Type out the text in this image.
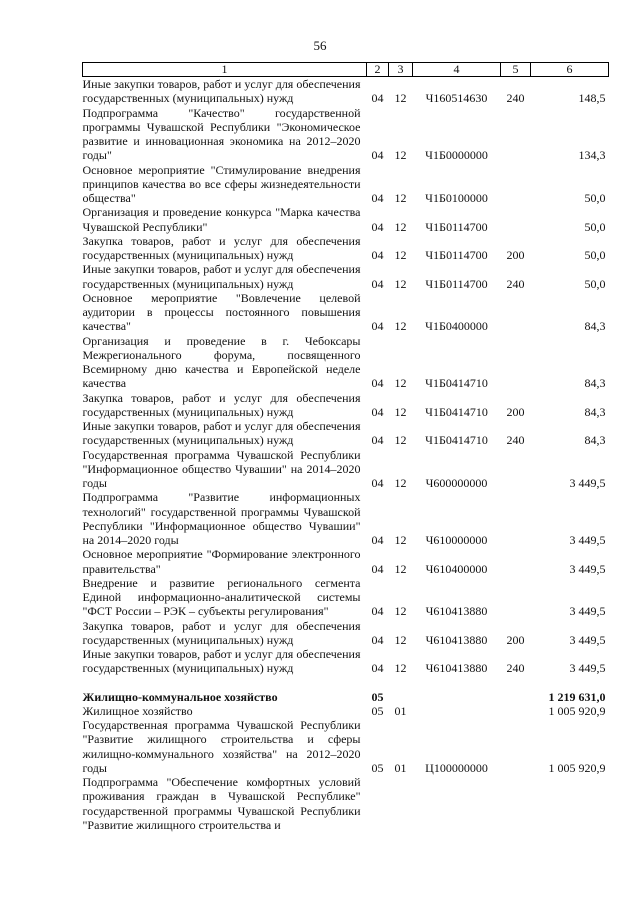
56
1	2	3	4	5	6
Иные закупки товаров, работ и услуг для обеспечения государственных (муниципальных) нужд	04	12	Ч160514630	240	148,5
Подпрограмма "Качество" государственной программы Чувашской Республики "Экономическое развитие и инновационная экономика на 2012–2020 годы"	04	12	Ч1Б0000000		134,3
Основное мероприятие "Стимулирование внедрения принципов качества во все сферы жизнедеятельности общества"	04	12	Ч1Б0100000		50,0
Организация и проведение конкурса "Марка качества Чувашской Республики"	04	12	Ч1Б0114700		50,0
Закупка товаров, работ и услуг для обеспечения государственных (муниципальных) нужд	04	12	Ч1Б0114700	200	50,0
Иные закупки товаров, работ и услуг для обеспечения государственных (муниципальных) нужд	04	12	Ч1Б0114700	240	50,0
Основное мероприятие "Вовлечение целевой аудитории в процессы постоянного повышения качества"	04	12	Ч1Б0400000		84,3
Организация и проведение в г. Чебоксары Межрегионального форума, посвященного Всемирному дню качества и Европейской неделе качества	04	12	Ч1Б0414710		84,3
Закупка товаров, работ и услуг для обеспечения государственных (муниципальных) нужд	04	12	Ч1Б0414710	200	84,3
Иные закупки товаров, работ и услуг для обеспечения государственных (муниципальных) нужд	04	12	Ч1Б0414710	240	84,3
Государственная программа Чувашской Республики "Информационное общество Чувашии" на 2014–2020 годы	04	12	Ч600000000		3 449,5
Подпрограмма "Развитие информационных технологий" государственной программы Чувашской Республики "Информационное общество Чувашии" на 2014–2020 годы	04	12	Ч610000000		3 449,5
Основное мероприятие "Формирование электронного правительства"	04	12	Ч610400000		3 449,5
Внедрение и развитие регионального сегмента Единой информационно-аналитической системы "ФСТ России – РЭК – субъекты регулирования"	04	12	Ч610413880		3 449,5
Закупка товаров, работ и услуг для обеспечения государственных (муниципальных) нужд	04	12	Ч610413880	200	3 449,5
Иные закупки товаров, работ и услуг для обеспечения государственных (муниципальных) нужд	04	12	Ч610413880	240	3 449,5

Жилищно-коммунальное хозяйство	05				1 219 631,0
Жилищное хозяйство	05	01			1 005 920,9
Государственная программа Чувашской Республики "Развитие жилищного строительства и сферы жилищно-коммунального хозяйства" на 2012–2020 годы	05	01	Ц100000000		1 005 920,9
Подпрограмма "Обеспечение комфортных условий проживания граждан в Чувашской Республике" государственной программы Чувашской Республики "Развитие жилищного строительства и					
